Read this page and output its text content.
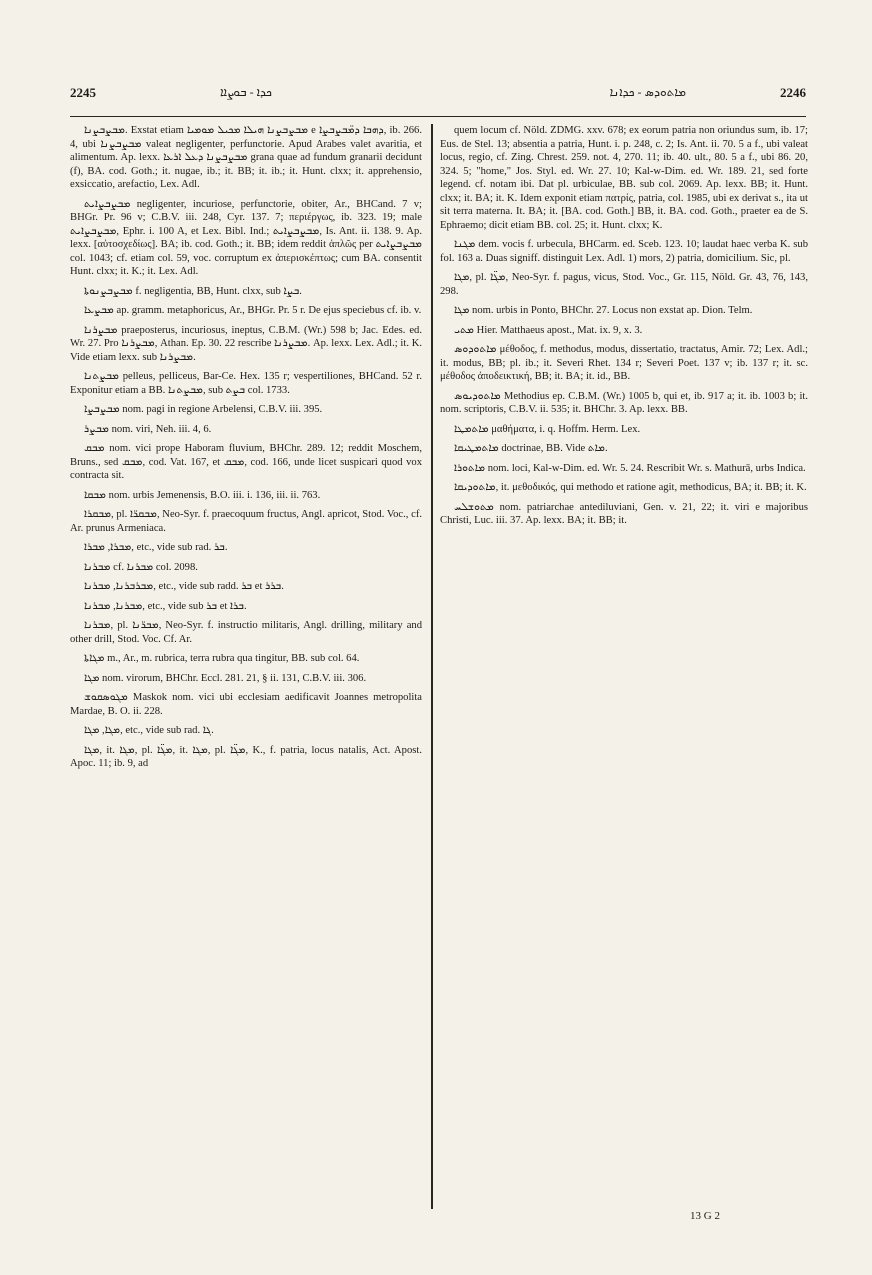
2245	ܟܕܐ - ܒܘܨܐܐ	ܡܐܬܘܕܣ - ܟܕܐܢܐ	2246

ܡܒܨܒܨܢܐ. Exstat etiam ܡܒܨܒܨܢܐ ܗܝܠܐ ܡܟܝܠ ܡܘܡܝܐ e ܕܗܒܐ ܕܡ̈ܒܨܒܨܐ, ib. 266. 4, ubi ܡܒܨܒܨܢܐ valeat negligenter, perfunctorie. Apud Arabes valet avaritia, et alimentum. Ap. lexx. ܡܒܨܒܨܢܐ ܕܥܠ ܐܪܥܐ grana quae ad fundum granarii decidunt (f), BA. cod. Goth.; it. nugae, ib.; it. BB; it. ib.; it. Hunt. clxx; it. apprehensio, exsiccatio, arefactio, Lex. Adl.

ܡܒܨܒܨܐܝܬ negligenter, incuriose, perfunctorie, obiter, Ar., BHCand. 7 v; BHGr. Pr. 96 v; C.B.V. iii. 248, Cyr. 137. 7; περιέργως, ib. 323. 19; male ܡܒܨܒܨܐܝܬ, Ephr. i. 100 A, et Lex. Bibl. Ind.; ܡܒܨܒܨܐܝܬ, Is. Ant. ii. 138. 9. Ap. lexx. [αὐτοσχεδίως]. BA; ib. cod. Goth.; it. BB; idem reddit ἁπλῶς per ܡܒܨܒܨܐܝܬ col. 1043; cf. etiam col. 59, voc. corruptum ex ἀπερισκέπτως; cum BA. consentit Hunt. clxx; it. K.; it. Lex. Adl.

ܡܒܨܒܨܢܘܬܐ f. negligentia, BB, Hunt. clxx, sub ܒܨܐ.

ܡܒܨܥܐ ap. gramm. metaphoricus, Ar., BHGr. Pr. 5 r. De ejus speciebus cf. ib. v.

ܡܒܨܪܢܐ praeposterus, incuriosus, ineptus, C.B.M. (Wr.) 598 b; Jac. Edes. ed. Wr. 27. Pro ܡܒܨܪܢܐ, Athan. Ep. 30. 22 rescribe ܡܒܨܪܢܐ. Ap. lexx. Lex. Adl.; it. K. Vide etiam lexx. sub ܡܒܨܪܢܐ.

ܡܒܨܬܢܐ pelleus, pelliceus, Bar-Ce. Hex. 135 r; vespertiliones, BHCand. 52 r. Exponitur etiam a BB. ܡܒܨܬܢܐ, sub ܒܨܬ col. 1733.

ܡܒܨܒܨܐ nom. pagi in regione Arbelensi, C.B.V. iii. 395.

ܡܒܨܪ nom. viri, Neh. iii. 4, 6.

ܡܒܩ nom. vici prope Haboram fluvium, BHChr. 289. 12; reddit Moschem, Bruns., sed ܡܒܩ, cod. Vat. 167, et ܡܒܩ, cod. 166, unde licet suspicari quod vox contracta sit.

ܡܒܩܐ nom. urbis Jemenensis, B.O. iii. i. 136, iii. ii. 763.

ܡܒܩܪܐ, pl. ܡܒܩܪ̈ܐ, Neo-Syr. f. praecoquum fructus, Angl. apricot, Stod. Voc., cf. Ar. prunus Armeniaca.

ܡܒܪܐ, ܡܒܪܐ, etc., vide sub rad. ܒܪ.

ܡܒܪܢܐ cf. ܡܒܪܢܐ col. 2098.

ܡܒܪܒܪܢܐ, ܡܒܪܢܐ, etc., vide sub radd. ܒܪ et ܒܪܪ.

ܡܒܪܢܐ, ܡܒܪܢܐ, etc., vide sub ܒܪ et ܒܪܐ.

ܡܒܪܢܐ, pl. ܡܒܪ̈ܢܐ, Neo-Syr. f. instructio militaris, Angl. drilling, military and other drill, Stod. Voc. Cf. Ar.

ܡܓܐܬܐ m., Ar., m. rubrica, terra rubra qua tingitur, BB. sub col. 64.

ܡܓܐ nom. virorum, BHChr. Eccl. 281. 21, § ii. 131, C.B.V. iii. 306.

ܡܓܘܣܩܘܫ Maskok nom. vici ubi ecclesiam aedificavit Joannes metropolita Mardae, B. O. ii. 228.

ܡܓܐ, ܡܓܐ, etc., vide sub rad. ܓܐ.

ܡܓܐ, it. ܡܓܐ, pl. ܡܓ̈ܐ, it. ܡܓܐ, pl. ܡܓ̈ܐ, K., f. patria, locus natalis, Act. Apost. Apoc. 11; ib. 9, ad

quem locum cf. Nöld. ZDMG. xxv. 678; ex eorum patria non oriundus sum, ib. 17; Eus. de Stel. 13; absentia a patria, Hunt. i. p. 248, c. 2; Is. Ant. ii. 70. 5 a f., ubi valeat locus, regio, cf. Zing. Chrest. 259. not. 4, 270. 11; ib. 40. ult., 80. 5 a f., ubi 86. 20, 324. 5; "home," Jos. Styl. ed. Wr. 27. 10; Kal-w-Dim. ed. Wr. 189. 21, sed forte legend. cf. notam ibi. Dat pl. urbiculae, BB. sub col. 2069. Ap. lexx. BB; it. Hunt. clxx; it. BA; it. K. Idem exponit etiam πατρίς, patria, col. 1985, ubi ex derivat s., ita ut sit terra materna. It. BA; it. [BA. cod. Goth.] BB, it. BA. cod. Goth., praeter ea de S. Ephraemo; dicit etiam BB. col. 25; it. Hunt. clxx; K.

ܡܓܢܐ dem. vocis f. urbecula, BHCarm. ed. Sceb. 123. 10; laudat haec verba K. sub fol. 163 a. Duas signiff. distinguit Lex. Adl. 1) mors, 2) patria, domicilium. Sic, pl.

ܡܓܐ, pl. ܡܓ̈ܐ, Neo-Syr. f. pagus, vicus, Stod. Voc., Gr. 115, Nöld. Gr. 43, 76, 143, 298.

ܡܓܐ nom. urbis in Ponto, BHChr. 27. Locus non exstat ap. Dion. Telm.

ܡܬܝ Hier. Matthaeus apost., Mat. ix. 9, x. 3.

ܡܐܬܘܕܘܣ μέθοδος, f. methodus, modus, dissertatio, tractatus, Amir. 72; Lex. Adl.; it. modus, BB; pl. ib.; it. Severi Rhet. 134 r; Severi Poet. 137 v; ib. 137 r; it. sc. μέθοδος ἀποδεικτική, BB; it. BA; it. id., BB.

ܡܐܬܘܕܝܘܣ Methodius ep. C.B.M. (Wr.) 1005 b, qui et, ib. 917 a; it. ib. 1003 b; it. nom. scriptoris, C.B.V. ii. 535; it. BHChr. 3. Ap. lexx. BB.

ܡܐܬܡܛܐ μαθήματα, i. q. Hoffm. Herm. Lex.

ܡܐܬܡܛܝܩܐ doctrinae, BB. Vide ܡܐܬ.

ܡܐܬܘܪܐ nom. loci, Kal-w-Dim. ed. Wr. 5. 24. Rescribit Wr. s. Mathurā, urbs Indica.

ܡܐܬܘܕܝܩܐ, it. μεθοδικός, qui methodo et ratione agit, methodicus, BA; it. BB; it. K.

ܡܬܘܫܠܚ nom. patriarchae antediluviani, Gen. v. 21, 22; it. viri e majoribus Christi, Luc. iii. 37. Ap. lexx. BA; it. BB; it.

13 G 2
